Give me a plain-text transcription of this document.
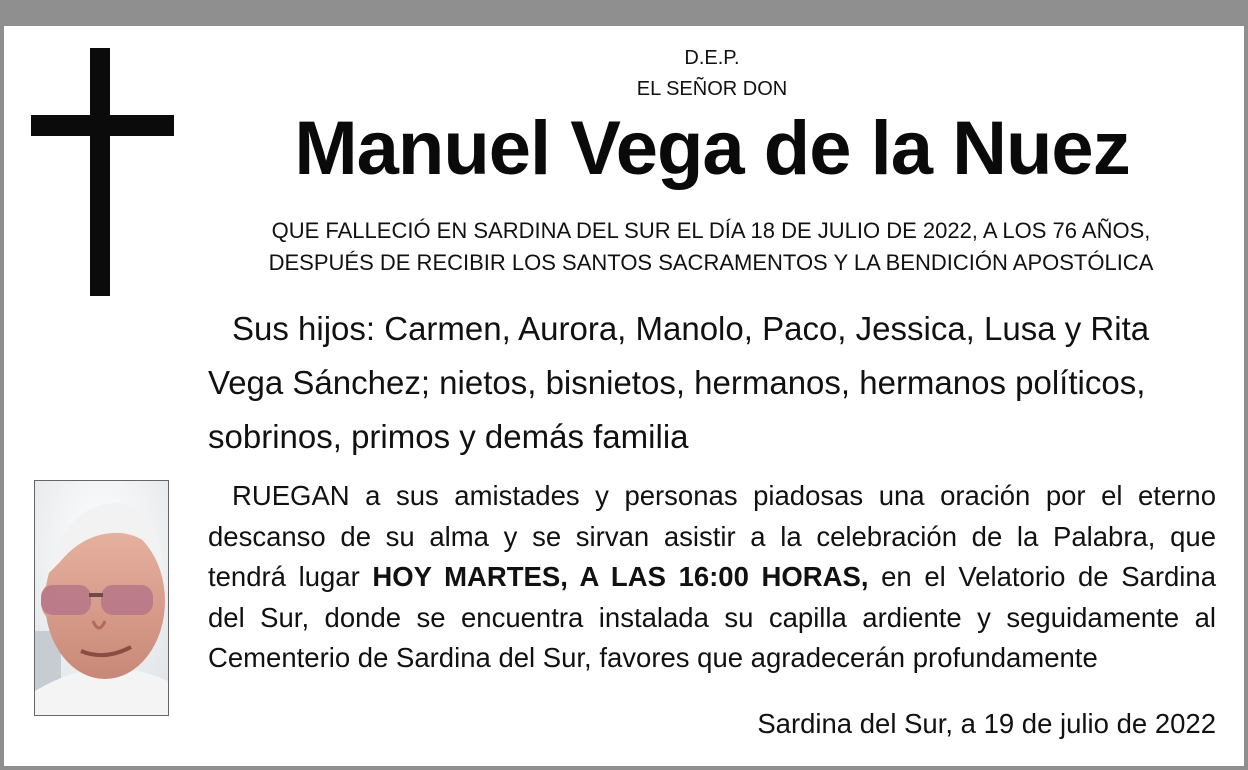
D.E.P.
EL SEÑOR DON
Manuel Vega de la Nuez
QUE FALLECIÓ EN SARDINA DEL SUR EL DÍA 18 DE JULIO DE 2022, A LOS 76 AÑOS,
DESPUÉS DE RECIBIR LOS SANTOS SACRAMENTOS Y LA BENDICIÓN APOSTÓLICA
Sus hijos: Carmen, Aurora, Manolo, Paco, Jessica, Lusa y Rita
Vega Sánchez; nietos, bisnietos, hermanos, hermanos políticos,
sobrinos, primos y demás familia
RUEGAN a sus amistades y personas piadosas una oración por el eterno
descanso de su alma y se sirvan asistir a la celebración de la Palabra, que
tendrá lugar HOY MARTES, A LAS 16:00 HORAS, en el Velatorio de Sardina
del Sur, donde se encuentra instalada su capilla ardiente y seguidamente al
Cementerio de Sardina del Sur, favores que agradecerán profundamente
Sardina del Sur, a 19 de julio de 2022
